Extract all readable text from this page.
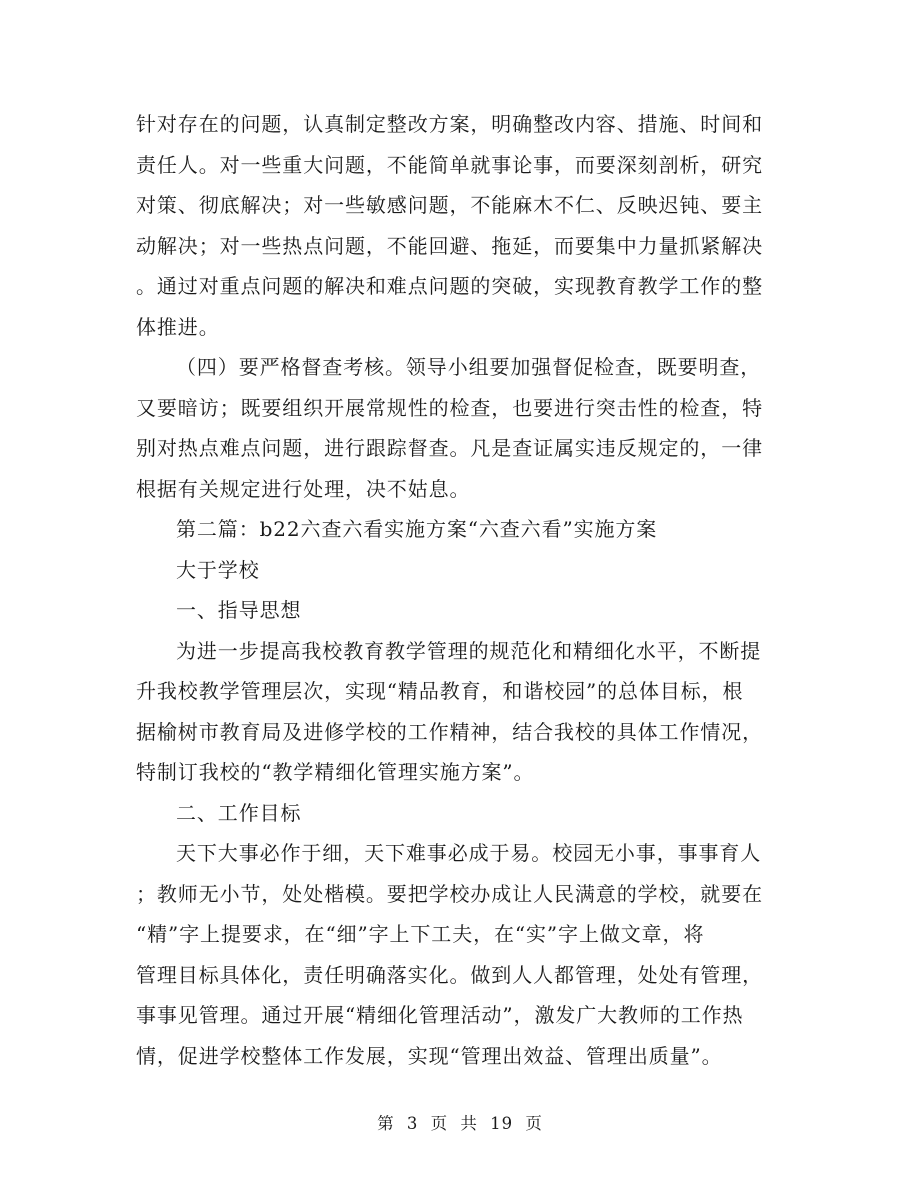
针对存在的问题，认真制定整改方案，明确整改内容、措施、时间和
责任人。对一些重大问题，不能简单就事论事，而要深刻剖析，研究
对策、彻底解决；对一些敏感问题，不能麻木不仁、反映迟钝、要主
动解决；对一些热点问题，不能回避、拖延，而要集中力量抓紧解决
。通过对重点问题的解决和难点问题的突破，实现教育教学工作的整
体推进。
（四）要严格督查考核。领导小组要加强督促检查，既要明查，
又要暗访；既要组织开展常规性的检查，也要进行突击性的检查，特
别对热点难点问题，进行跟踪督查。凡是查证属实违反规定的，一律
根据有关规定进行处理，决不姑息。
第二篇：b22六查六看实施方案“六查六看”实施方案
大于学校
一、指导思想
为进一步提高我校教育教学管理的规范化和精细化水平，不断提
升我校教学管理层次，实现“精品教育，和谐校园”的总体目标，根
据榆树市教育局及进修学校的工作精神，结合我校的具体工作情况，
特制订我校的“教学精细化管理实施方案”。
二、工作目标
天下大事必作于细，天下难事必成于易。校园无小事，事事育人
；教师无小节，处处楷模。要把学校办成让人民满意的学校，就要在
“精”字上提要求，在“细”字上下工夫，在“实”字上做文章，将
管理目标具体化，责任明确落实化。做到人人都管理，处处有管理，
事事见管理。通过开展“精细化管理活动”，激发广大教师的工作热
情，促进学校整体工作发展，实现“管理出效益、管理出质量”。
第 3 页 共 19 页
